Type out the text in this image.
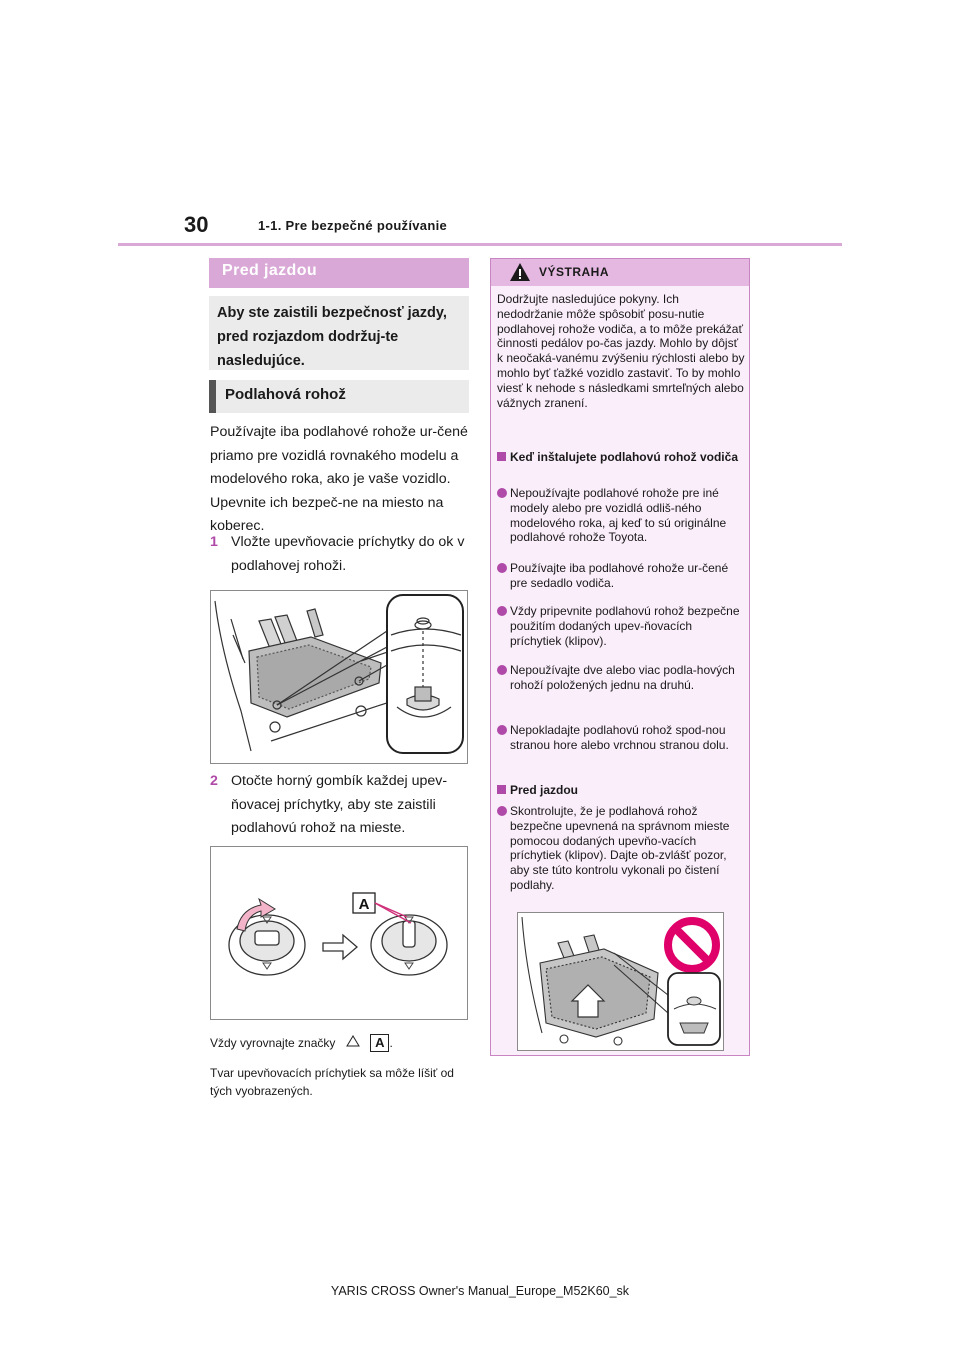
30	1-1. Pre bezpečné používanie
Pred jazdou

Aby ste zaistili bezpečnosť jazdy, pred rozjazdom dodržuj-te nasledujúce.

Podlahová rohož

Používajte iba podlahové rohože ur-čené priamo pre vozidlá rovnakého modelu a modelového roka, ako je vaše vozidlo. Upevnite ich bezpeč-ne na miesto na koberec.

1 Vložte upevňovacie príchytky do ok v podlahovej rohoži.
2 Otočte horný gombík každej upev-ňovacej príchytky, aby ste zaistili podlahovú rohož na mieste.
A
Vždy vyrovnajte značky	A .
Tvar upevňovacích príchytiek sa môže líšiť od tých vyobrazených.
VÝSTRAHA

Dodržujte nasledujúce pokyny. Ich nedodržanie môže spôsobiť posu-nutie podlahovej rohože vodiča, a to môže prekážať činnosti pedálov po-čas jazdy. Mohlo by dôjsť k neočaká-vanému zvýšeniu rýchlosti alebo by mohlo byť ťažké vozidlo zastaviť. To by mohlo viesť k nehode s následkami smrteľných alebo vážnych zranení.

Keď inštalujete podlahovú rohož vodiča

Nepoužívajte podlahové rohože pre iné modely alebo pre vozidlá odliš-ného modelového roka, aj keď to sú originálne podlahové rohože Toyota.

Používajte iba podlahové rohože ur-čené pre sedadlo vodiča.

Vždy pripevnite podlahovú rohož bezpečne použitím dodaných upev-ňovacích príchytiek (klipov).

Nepoužívajte dve alebo viac podla-hových rohoží položených jednu na druhú.

Nepokladajte podlahovú rohož spod-nou stranou hore alebo vrchnou stranou dolu.

Pred jazdou

Skontrolujte, že je podlahová rohož bezpečne upevnená na správnom mieste pomocou dodaných upevňo-vacích príchytiek (klipov). Dajte ob-zvlášť pozor, aby ste túto kontrolu vykonali po čistení podlahy.

YARIS CROSS Owner's Manual_Europe_M52K60_sk
